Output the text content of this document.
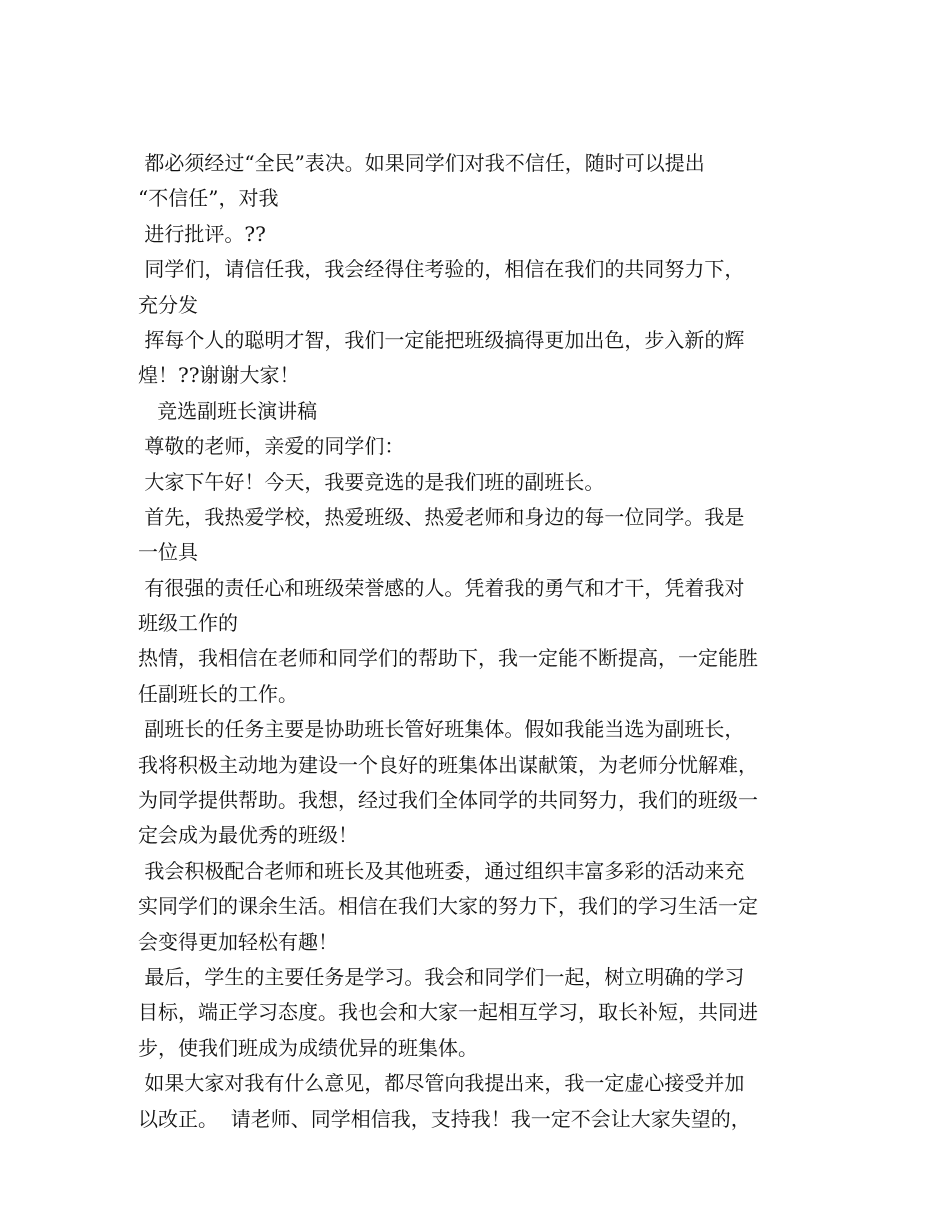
都必须经过“全民”表决。如果同学们对我不信任，随时可以提出
“不信任”，对我
进行批评。??
同学们，请信任我，我会经得住考验的，相信在我们的共同努力下，
充分发
挥每个人的聪明才智，我们一定能把班级搞得更加出色，步入新的辉
煌！??谢谢大家！
竞选副班长演讲稿
尊敬的老师，亲爱的同学们：
大家下午好！今天，我要竞选的是我们班的副班长。
首先，我热爱学校，热爱班级、热爱老师和身边的每一位同学。我是
一位具
有很强的责任心和班级荣誉感的人。凭着我的勇气和才干，凭着我对
班级工作的
热情，我相信在老师和同学们的帮助下，我一定能不断提高，一定能胜
任副班长的工作。
副班长的任务主要是协助班长管好班集体。假如我能当选为副班长，
我将积极主动地为建设一个良好的班集体出谋献策，为老师分忧解难，
为同学提供帮助。我想，经过我们全体同学的共同努力，我们的班级一
定会成为最优秀的班级！
我会积极配合老师和班长及其他班委，通过组织丰富多彩的活动来充
实同学们的课余生活。相信在我们大家的努力下，我们的学习生活一定
会变得更加轻松有趣！
最后，学生的主要任务是学习。我会和同学们一起，树立明确的学习
目标，端正学习态度。我也会和大家一起相互学习，取长补短，共同进
步，使我们班成为成绩优异的班集体。
如果大家对我有什么意见，都尽管向我提出来，我一定虚心接受并加
以改正。  请老师、同学相信我，支持我！我一定不会让大家失望的，
